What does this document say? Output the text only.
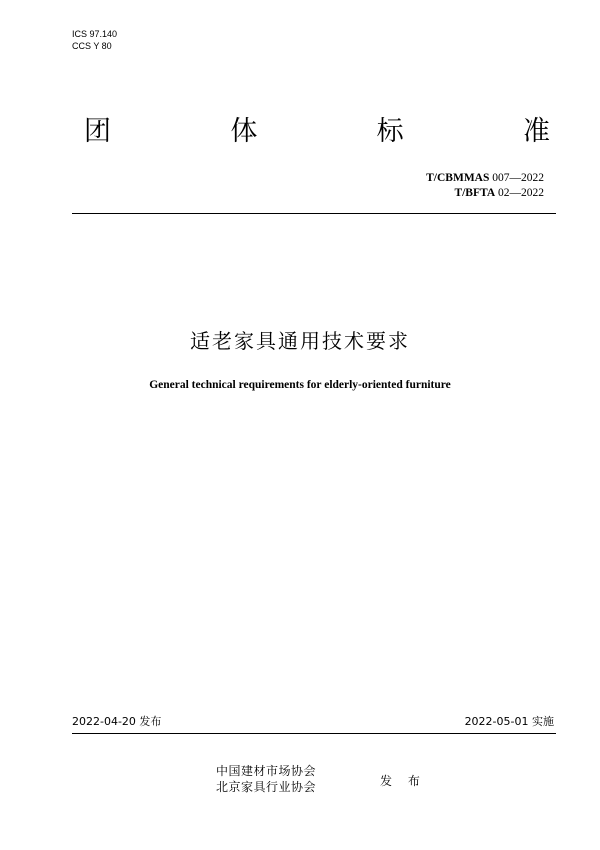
ICS 97.140
CCS Y 80
团	体	标	准
T/CBMMAS 007—2022
T/BFTA 02—2022
适老家具通用技术要求
General technical requirements for elderly-oriented furniture
2022-04-20 发布	2022-05-01 实施
中国建材市场协会
北京家具行业协会	发 布
